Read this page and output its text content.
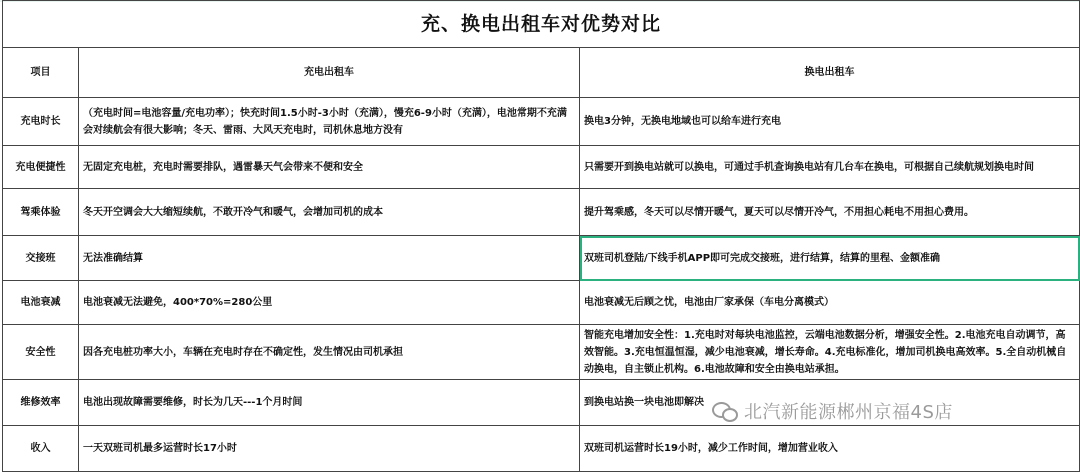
充、换电出租车对优势对比		
项目	充电出租车	换电出租车
充电时长	（充电时间=电池容量/充电功率）；快充时间1.5小时-3小时（充满），慢充6-9小时（充满），电池常期不充满会对续航会有很大影响；冬天、雷雨、大风天充电时，司机休息地方没有	换电3分钟，无换电地域也可以给车进行充电
充电便捷性	无固定充电桩，充电时需要排队，遇雷暴天气会带来不便和安全	只需要开到换电站就可以换电，可通过手机查询换电站有几台车在换电，可根据自己续航规划换电时间
驾乘体验	冬天开空调会大大缩短续航，不敢开冷气和暖气，会增加司机的成本	提升驾乘感，冬天可以尽情开暖气，夏天可以尽情开冷气，不用担心耗电不用担心费用。
交接班	无法准确结算	双班司机登陆/下线手机APP即可完成交接班，进行结算，结算的里程、金额准确
电池衰减	电池衰减无法避免，400*70%=280公里	电池衰减无后顾之忧，电池由厂家承保（车电分离模式）
安全性	因各充电桩功率大小，车辆在充电时存在不确定性，发生情况由司机承担	智能充电增加安全性：1.充电时对每块电池监控，云端电池数据分析，增强安全性。2.电池充电自动调节，高效智能。3.充电恒温恒湿，减少电池衰减，增长寿命。4.充电标准化，增加司机换电高效率。5.全自动机械自动换电，自主锁止机构。6.电池故障和安全由换电站承担。
维修效率	电池出现故障需要维修，时长为几天---1个月时间	到换电站换一块电池即解决
收入	一天双班司机最多运营时长17小时	双班司机运营时长19小时，减少工作时间，增加营业收入
北汽新能源郴州京福4S店
